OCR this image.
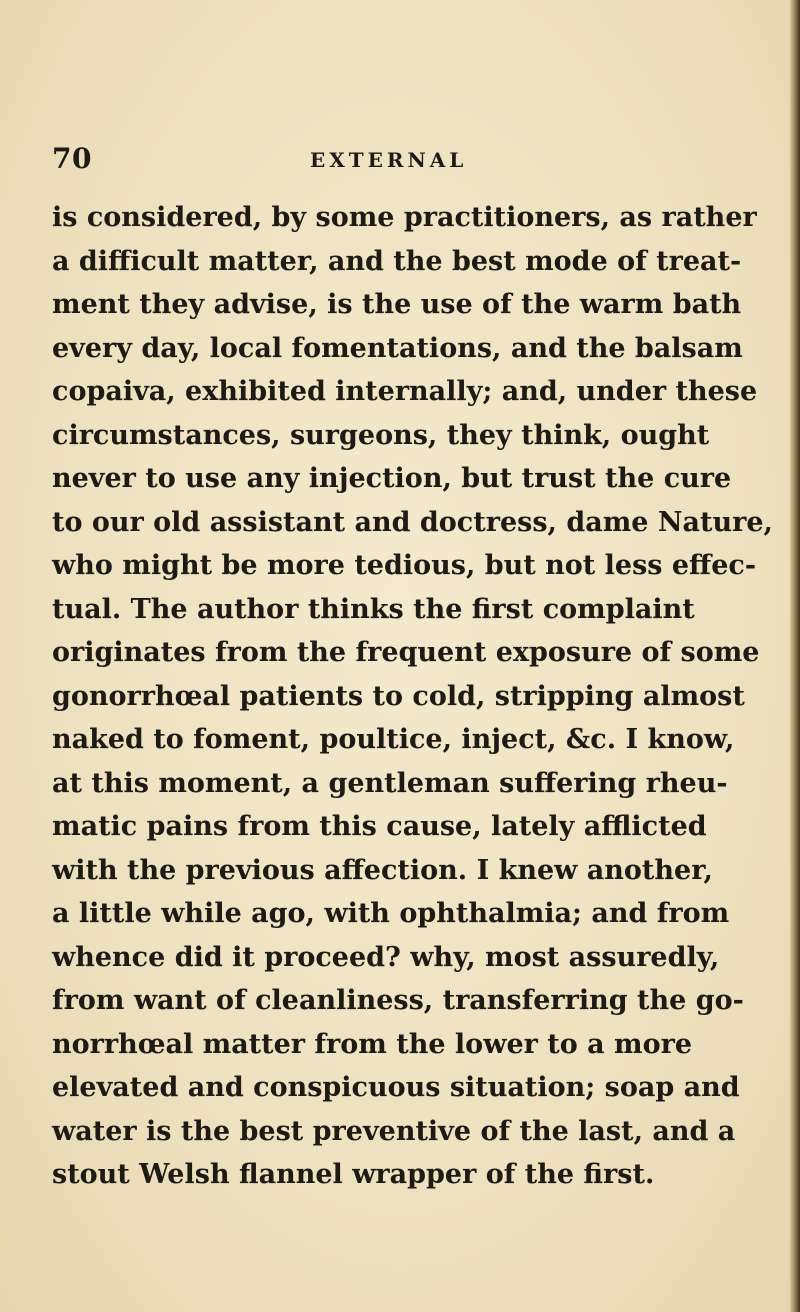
70	EXTERNAL
is considered, by some practitioners, as rather
a difficult matter, and the best mode of treat-
ment they advise, is the use of the warm bath
every day, local fomentations, and the balsam
copaiva, exhibited internally; and, under these
circumstances, surgeons, they think, ought
never to use any injection, but trust the cure
to our old assistant and doctress, dame Nature,
who might be more tedious, but not less effec-
tual. The author thinks the first complaint
originates from the frequent exposure of some
gonorrhœal patients to cold, stripping almost
naked to foment, poultice, inject, &c. I know,
at this moment, a gentleman suffering rheu-
matic pains from this cause, lately afflicted
with the previous affection. I knew another,
a little while ago, with ophthalmia; and from
whence did it proceed? why, most assuredly,
from want of cleanliness, transferring the go-
norrhœal matter from the lower to a more
elevated and conspicuous situation; soap and
water is the best preventive of the last, and a
stout Welsh flannel wrapper of the first.
